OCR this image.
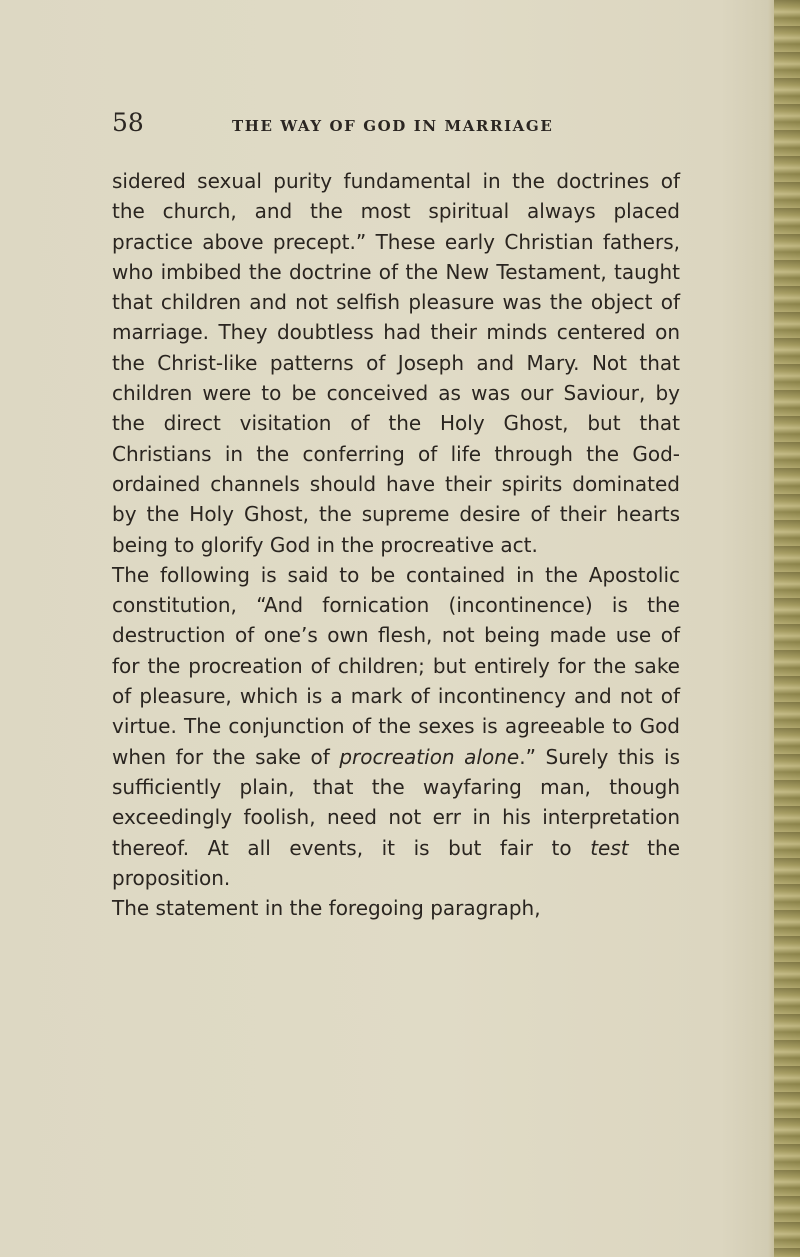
58	THE WAY OF GOD IN MARRIAGE

sidered sexual purity fundamental in the doctrines of the church, and the most spiritual always placed practice above precept.” These early Christian fathers, who imbibed the doctrine of the New Testament, taught that children and not selfish pleasure was the object of marriage. They doubtless had their minds centered on the Christ-like patterns of Joseph and Mary. Not that children were to be conceived as was our Saviour, by the direct visitation of the Holy Ghost, but that Christians in the conferring of life through the God-ordained channels should have their spirits dominated by the Holy Ghost, the supreme desire of their hearts being to glorify God in the procreative act.

The following is said to be contained in the Apostolic constitution, “And fornication (incontinence) is the destruction of one’s own flesh, not being made use of for the procreation of children; but entirely for the sake of pleasure, which is a mark of incontinency and not of virtue. The conjunction of the sexes is agreeable to God when for the sake of procreation alone.” Surely this is sufficiently plain, that the wayfaring man, though exceedingly foolish, need not err in his interpretation thereof. At all events, it is but fair to test the proposition.

The statement in the foregoing paragraph,
